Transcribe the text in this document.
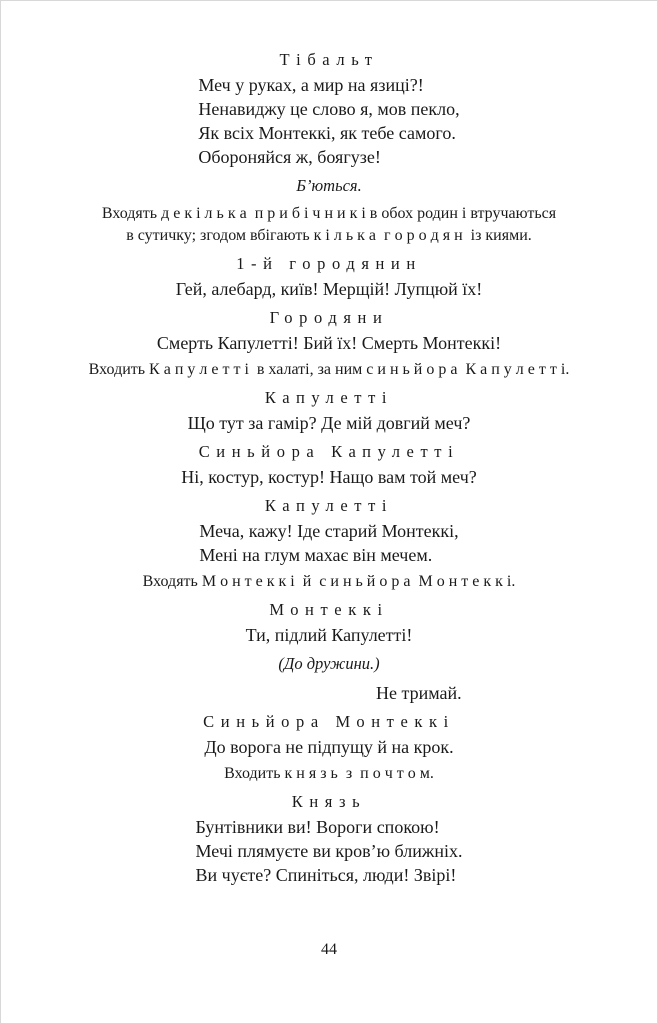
Тібальт
Меч у руках, а мир на язиці?!
Ненавиджу це слово я, мов пекло,
Як всіх Монтеккі, як тебе самого.
Обороняйся ж, боягузе!
Б’ються.
Входять д е к і л ь к а  п р и б і ч н и к і в обох родин і втручаються
в сутичку; згодом вбігають к і л ь к а  г о р о д я н  із киями.
1-й городянин
Гей, алебард, київ! Мерщій! Лупцюй їх!
Городяни
Смерть Капулетті! Бий їх! Смерть Монтеккі!
Входить К а п у л е т т і  в халаті, за ним с и н ь й о р а  К а п у л е т т і.
Капулетті
Що тут за гамір? Де мій довгий меч?
Синьйора Капулетті
Ні, костур, костур! Нащо вам той меч?
Капулетті
Меча, кажу! Іде старий Монтеккі,
Мені на глум махає він мечем.
Входять М о н т е к к і  й  с и н ь й о р а  М о н т е к к і.
Монтеккі
Ти, підлий Капулетті!
(До дружини.)
Не тримай.
Синьйора Монтеккі
До ворога не підпущу й на крок.
Входить к н я з ь  з  п о ч т о м.
Князь
Бунтівники ви! Вороги спокою!
Мечі плямуєте ви кров’ю ближніх.
Ви чуєте? Спиніться, люди! Звірі!
44
